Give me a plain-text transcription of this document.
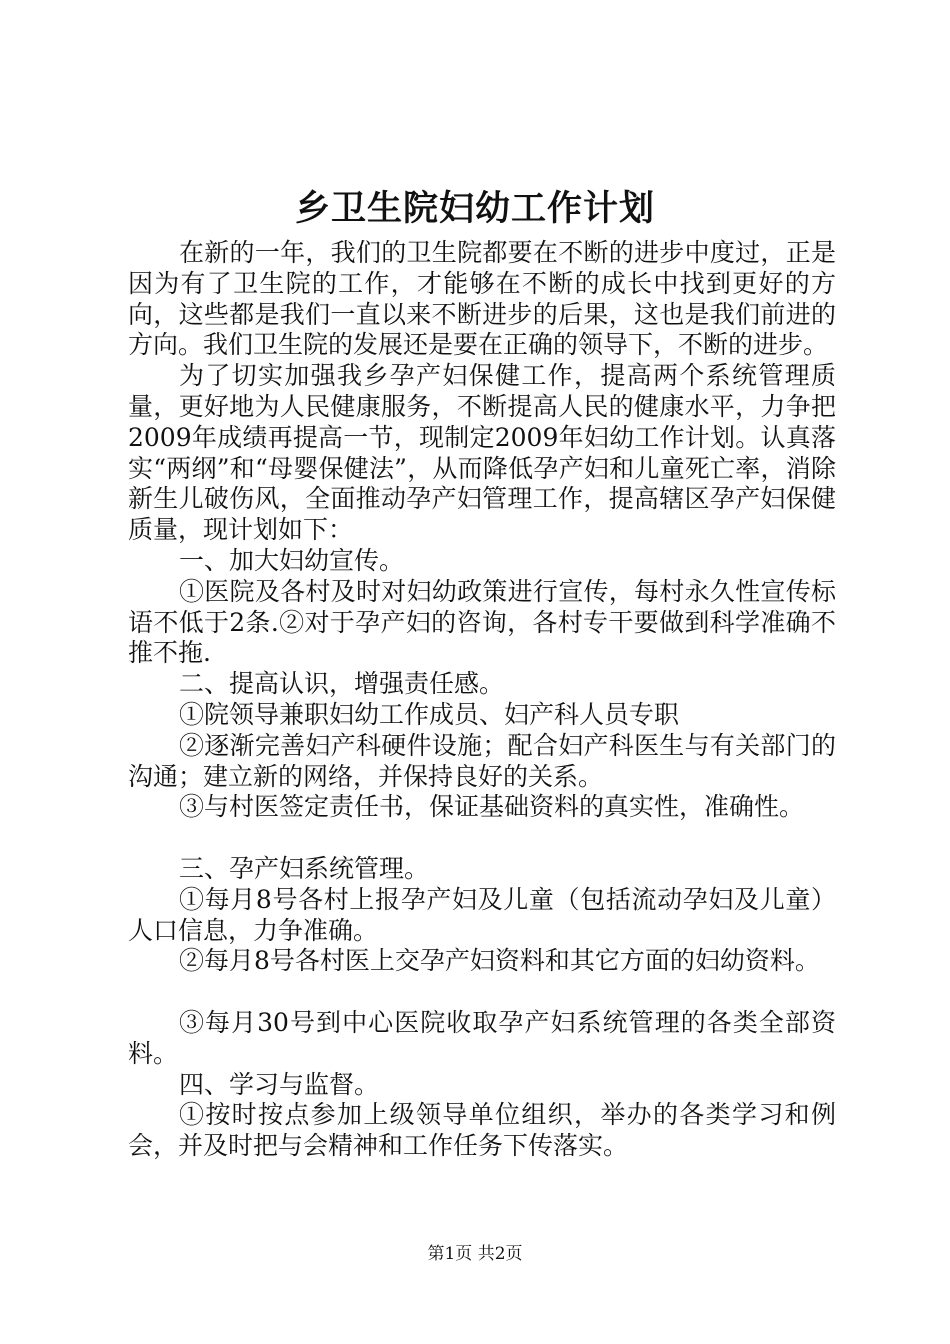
乡卫生院妇幼工作计划

在新的一年，我们的卫生院都要在不断的进步中度过，正是因为有了卫生院的工作，才能够在不断的成长中找到更好的方向，这些都是我们一直以来不断进步的后果，这也是我们前进的方向。我们卫生院的发展还是要在正确的领导下，不断的进步。

为了切实加强我乡孕产妇保健工作，提高两个系统管理质量，更好地为人民健康服务，不断提高人民的健康水平，力争把2009年成绩再提高一节，现制定2009年妇幼工作计划。认真落实“两纲”和“母婴保健法”，从而降低孕产妇和儿童死亡率，消除新生儿破伤风，全面推动孕产妇管理工作，提高辖区孕产妇保健质量，现计划如下：

一、加大妇幼宣传。

①医院及各村及时对妇幼政策进行宣传，每村永久性宣传标语不低于2条.②对于孕产妇的咨询，各村专干要做到科学准确不推不拖.

二、提高认识，增强责任感。

①院领导兼职妇幼工作成员、妇产科人员专职

②逐渐完善妇产科硬件设施；配合妇产科医生与有关部门的沟通；建立新的网络，并保持良好的关系。

③与村医签定责任书，保证基础资料的真实性，准确性。

三、孕产妇系统管理。

①每月8号各村上报孕产妇及儿童（包括流动孕妇及儿童）人口信息，力争准确。

②每月8号各村医上交孕产妇资料和其它方面的妇幼资料。

③每月30号到中心医院收取孕产妇系统管理的各类全部资料。

四、学习与监督。

①按时按点参加上级领导单位组织，举办的各类学习和例会，并及时把与会精神和工作任务下传落实。

第1页 共2页
